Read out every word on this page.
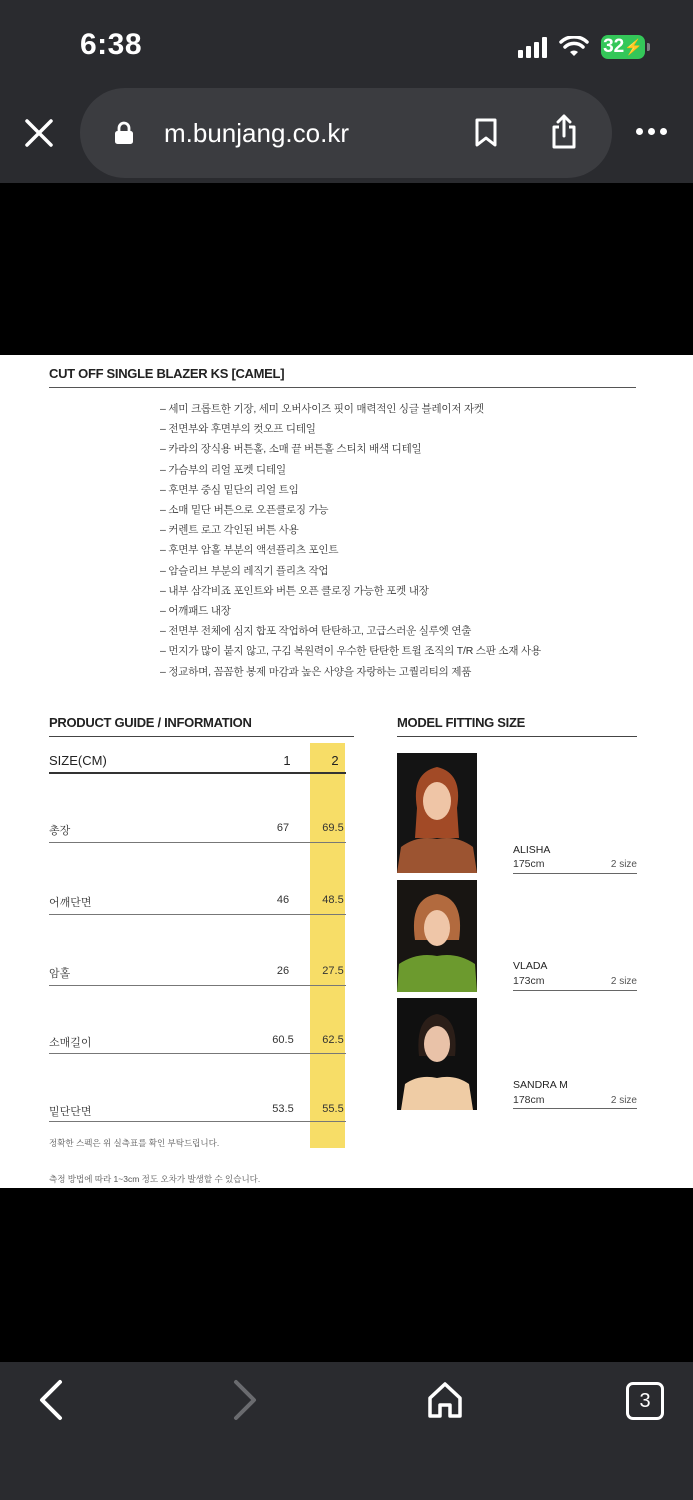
6:38	32 ⚡
m.bunjang.co.kr
CUT OFF SINGLE BLAZER KS [CAMEL]
– 세미 크롭트한 기장, 세미 오버사이즈 핏이 매력적인 싱글 블레이저 자켓
– 전면부와 후면부의 컷오프 디테일
– 카라의 장식용 버튼홀, 소매 끝 버튼홀 스티치 배색 디테일
– 가슴부의 리얼 포켓 디테일
– 후면부 중심 밑단의 리얼 트임
– 소매 밑단 버튼으로 오픈클로징 가능
– 커렌트 로고 각인된 버튼 사용
– 후면부 암홀 부분의 액션플리츠 포인트
– 암슬리브 부분의 레직기 플리츠 작업
– 내부 삼각비죠 포인트와 버튼 오픈 클로징 가능한 포켓 내장
– 어깨패드 내장
– 전면부 전체에 심지 합포 작업하여 탄탄하고, 고급스러운 실루엣 연출
– 먼지가 많이 붙지 않고, 구김 복원력이 우수한 탄탄한 트윌 조직의 T/R 스판 소재 사용
– 정교하며, 꼼꼼한 봉제 마감과 높은 사양을 자랑하는 고퀄리티의 제품
PRODUCT GUIDE / INFORMATION	MODEL FITTING SIZE
SIZE(CM)	1	2
총장	67	69.5
어깨단면	46	48.5
암홀	26	27.5
소매길이	60.5	62.5
밑단단면	53.5	55.5
정확한 스펙은 위 실측표를 확인 부탁드립니다.
측정 방법에 따라 1~3cm 정도 오차가 발생할 수 있습니다.
ALISHA
175cm	2 size
VLADA
173cm	2 size
SANDRA M
178cm	2 size
3
